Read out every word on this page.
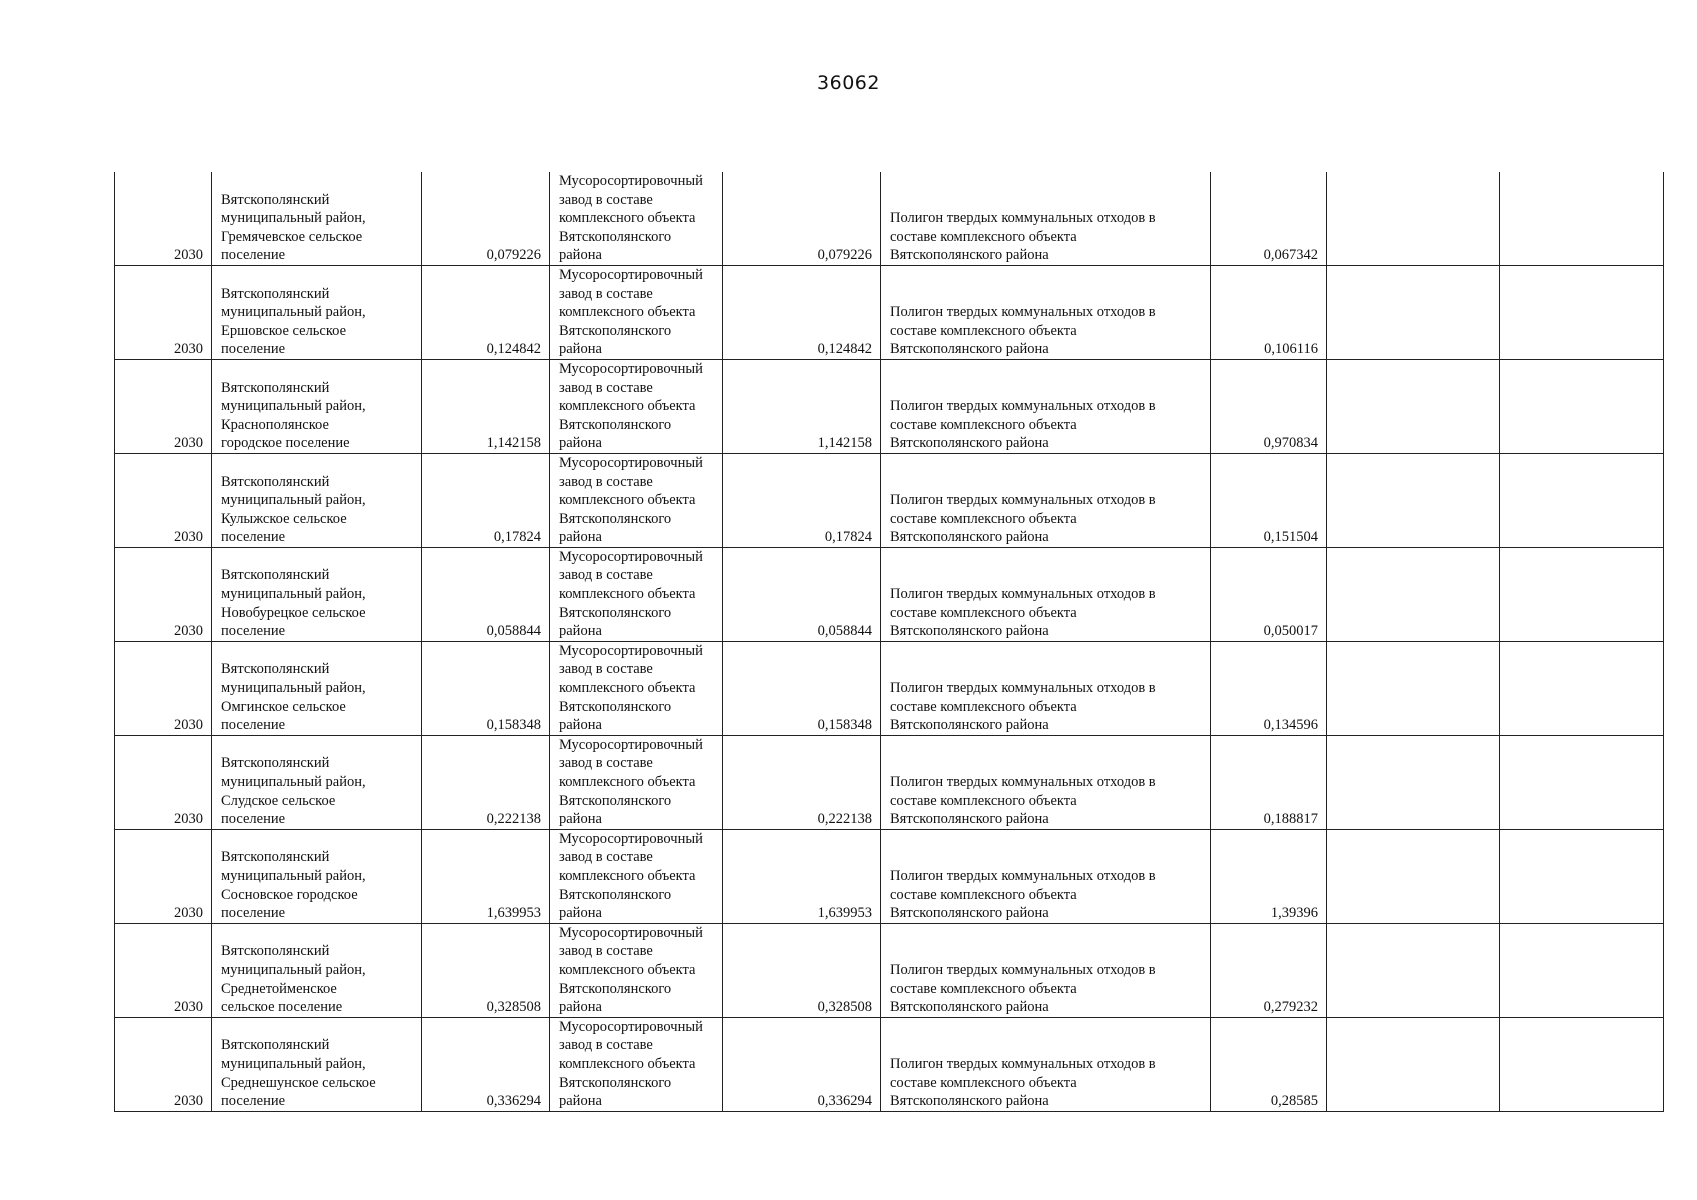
36062
2030	Вятскополянский
муниципальный район,
Гремячевское сельское
поселение	0,079226	Мусоросортировочный
завод в составе
комплексного объекта
Вятскополянского
района	0,079226	Полигон твердых коммунальных отходов в
составе комплексного объекта
Вятскополянского района	0,067342		
2030	Вятскополянский
муниципальный район,
Ершовское сельское
поселение	0,124842	Мусоросортировочный
завод в составе
комплексного объекта
Вятскополянского
района	0,124842	Полигон твердых коммунальных отходов в
составе комплексного объекта
Вятскополянского района	0,106116		
2030	Вятскополянский
муниципальный район,
Краснополянское
городское поселение	1,142158	Мусоросортировочный
завод в составе
комплексного объекта
Вятскополянского
района	1,142158	Полигон твердых коммунальных отходов в
составе комплексного объекта
Вятскополянского района	0,970834		
2030	Вятскополянский
муниципальный район,
Кулыжское сельское
поселение	0,17824	Мусоросортировочный
завод в составе
комплексного объекта
Вятскополянского
района	0,17824	Полигон твердых коммунальных отходов в
составе комплексного объекта
Вятскополянского района	0,151504		
2030	Вятскополянский
муниципальный район,
Новобурецкое сельское
поселение	0,058844	Мусоросортировочный
завод в составе
комплексного объекта
Вятскополянского
района	0,058844	Полигон твердых коммунальных отходов в
составе комплексного объекта
Вятскополянского района	0,050017		
2030	Вятскополянский
муниципальный район,
Омгинское сельское
поселение	0,158348	Мусоросортировочный
завод в составе
комплексного объекта
Вятскополянского
района	0,158348	Полигон твердых коммунальных отходов в
составе комплексного объекта
Вятскополянского района	0,134596		
2030	Вятскополянский
муниципальный район,
Слудское сельское
поселение	0,222138	Мусоросортировочный
завод в составе
комплексного объекта
Вятскополянского
района	0,222138	Полигон твердых коммунальных отходов в
составе комплексного объекта
Вятскополянского района	0,188817		
2030	Вятскополянский
муниципальный район,
Сосновское городское
поселение	1,639953	Мусоросортировочный
завод в составе
комплексного объекта
Вятскополянского
района	1,639953	Полигон твердых коммунальных отходов в
составе комплексного объекта
Вятскополянского района	1,39396		
2030	Вятскополянский
муниципальный район,
Среднетойменское
сельское поселение	0,328508	Мусоросортировочный
завод в составе
комплексного объекта
Вятскополянского
района	0,328508	Полигон твердых коммунальных отходов в
составе комплексного объекта
Вятскополянского района	0,279232		
2030	Вятскополянский
муниципальный район,
Среднешунское сельское
поселение	0,336294	Мусоросортировочный
завод в составе
комплексного объекта
Вятскополянского
района	0,336294	Полигон твердых коммунальных отходов в
составе комплексного объекта
Вятскополянского района	0,28585		
